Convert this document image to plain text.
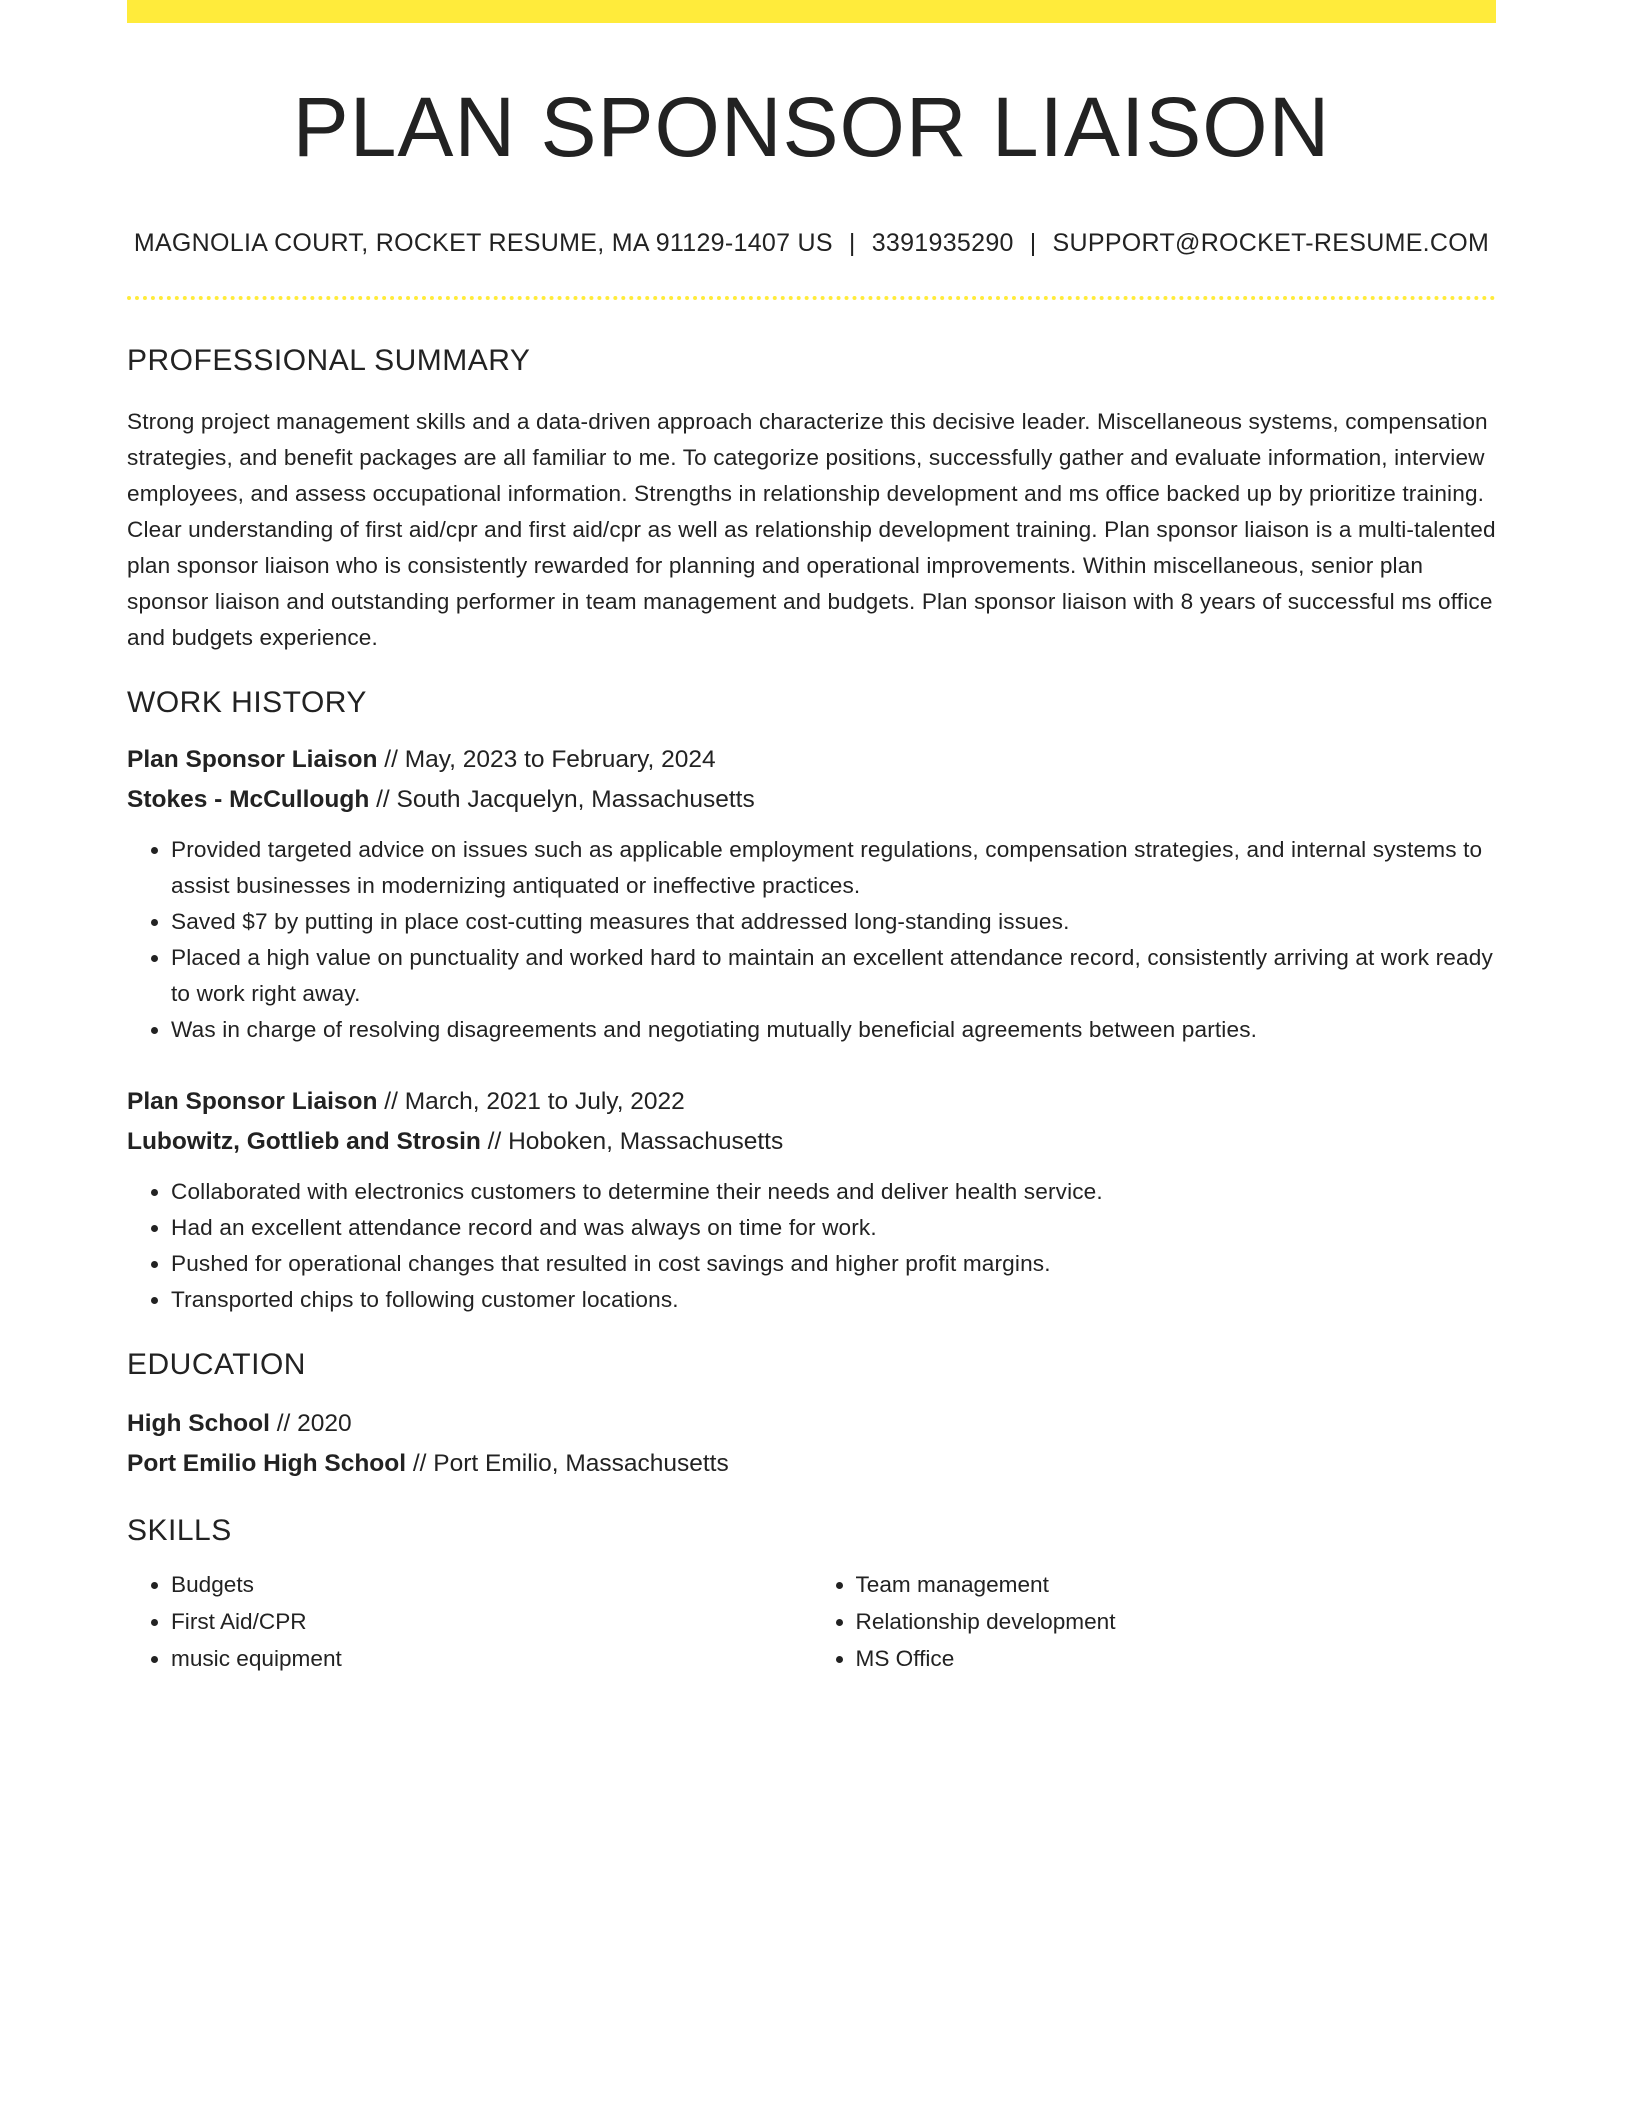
PLAN SPONSOR LIAISON
MAGNOLIA COURT, ROCKET RESUME, MA 91129-1407 US | 3391935290 | SUPPORT@ROCKET-RESUME.COM
PROFESSIONAL SUMMARY

Strong project management skills and a data-driven approach characterize this decisive leader. Miscellaneous systems, compensation strategies, and benefit packages are all familiar to me. To categorize positions, successfully gather and evaluate information, interview employees, and assess occupational information. Strengths in relationship development and ms office backed up by prioritize training. Clear understanding of first aid/cpr and first aid/cpr as well as relationship development training. Plan sponsor liaison is a multi-talented plan sponsor liaison who is consistently rewarded for planning and operational improvements. Within miscellaneous, senior plan sponsor liaison and outstanding performer in team management and budgets. Plan sponsor liaison with 8 years of successful ms office and budgets experience.

WORK HISTORY
Plan Sponsor Liaison // May, 2023 to February, 2024
Stokes - McCullough // South Jacquelyn, Massachusetts
• Provided targeted advice on issues such as applicable employment regulations, compensation strategies, and internal systems to assist businesses in modernizing antiquated or ineffective practices.
• Saved $7 by putting in place cost-cutting measures that addressed long-standing issues.
• Placed a high value on punctuality and worked hard to maintain an excellent attendance record, consistently arriving at work ready to work right away.
• Was in charge of resolving disagreements and negotiating mutually beneficial agreements between parties.
Plan Sponsor Liaison // March, 2021 to July, 2022
Lubowitz, Gottlieb and Strosin // Hoboken, Massachusetts
• Collaborated with electronics customers to determine their needs and deliver health service.
• Had an excellent attendance record and was always on time for work.
• Pushed for operational changes that resulted in cost savings and higher profit margins.
• Transported chips to following customer locations.
EDUCATION
High School // 2020
Port Emilio High School // Port Emilio, Massachusetts
SKILLS
• Budgets
• First Aid/CPR
• music equipment
• Team management
• Relationship development
• MS Office
